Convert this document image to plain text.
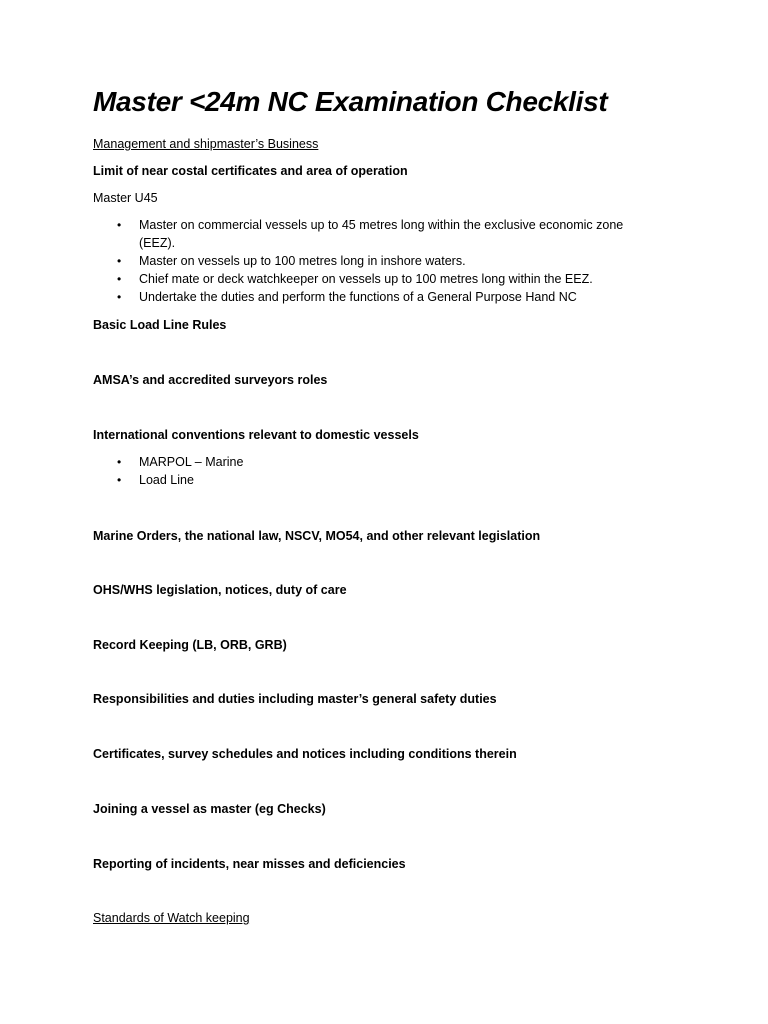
Master <24m NC Examination Checklist
Management and shipmaster’s Business
Limit of near costal certificates and area of operation
Master U45
• Master on commercial vessels up to 45 metres long within the exclusive economic zone (EEZ).
• Master on vessels up to 100 metres long in inshore waters.
• Chief mate or deck watchkeeper on vessels up to 100 metres long within the EEZ.
• Undertake the duties and perform the functions of a General Purpose Hand NC
Basic Load Line Rules
AMSA’s and accredited surveyors roles
International conventions relevant to domestic vessels
• MARPOL – Marine
• Load Line
Marine Orders, the national law, NSCV, MO54, and other relevant legislation
OHS/WHS legislation, notices, duty of care
Record Keeping (LB, ORB, GRB)
Responsibilities and duties including master’s general safety duties
Certificates, survey schedules and notices including conditions therein
Joining a vessel as master (eg Checks)
Reporting of incidents, near misses and deficiencies
Standards of Watch keeping
